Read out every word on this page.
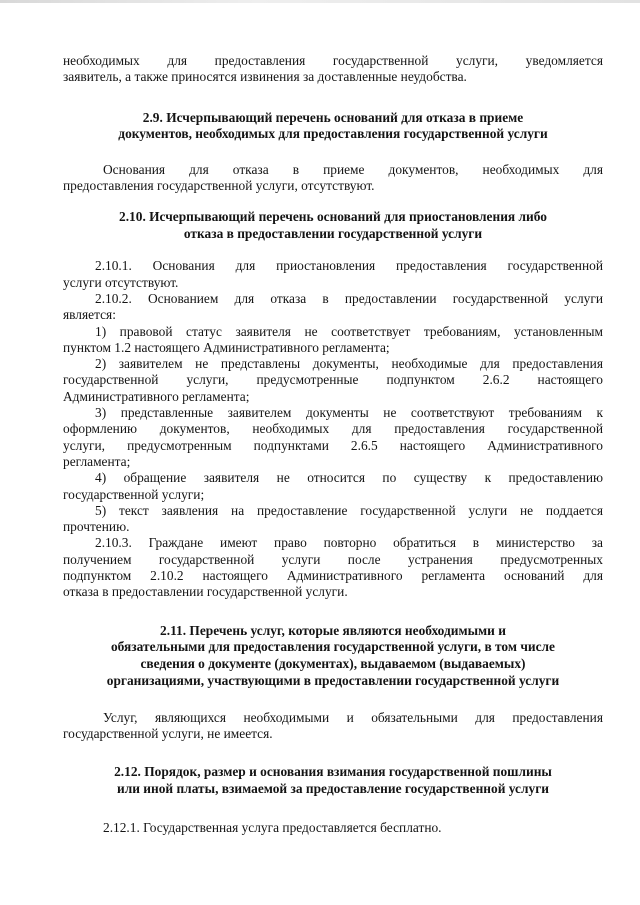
необходимых для предоставления государственной услуги, уведомляется

заявитель, а также приносятся извинения за доставленные неудобства.

2.9. Исчерпывающий перечень оснований для отказа в приеме

документов, необходимых для предоставления государственной услуги

Основания для отказа в приеме документов, необходимых для

предоставления государственной услуги, отсутствуют.

2.10. Исчерпывающий перечень оснований для приостановления либо

отказа в предоставлении государственной услуги

2.10.1. Основания для приостановления предоставления государственной

услуги отсутствуют.

2.10.2. Основанием для отказа в предоставлении государственной услуги

является:

1) правовой статус заявителя не соответствует требованиям, установленным

пунктом 1.2 настоящего Административного регламента;

2) заявителем не представлены документы, необходимые для предоставления

государственной услуги, предусмотренные подпунктом 2.6.2 настоящего

Административного регламента;

3) представленные заявителем документы не соответствуют требованиям к

оформлению документов, необходимых для предоставления государственной

услуги, предусмотренным подпунктами 2.6.5 настоящего Административного

регламента;

4) обращение заявителя не относится по существу к предоставлению

государственной услуги;

5) текст заявления на предоставление государственной услуги не поддается

прочтению.

2.10.3. Граждане имеют право повторно обратиться в министерство за

получением государственной услуги после устранения предусмотренных

подпунктом 2.10.2 настоящего Административного регламента оснований для

отказа в предоставлении государственной услуги.

2.11. Перечень услуг, которые являются необходимыми и

обязательными для предоставления государственной услуги, в том числе

сведения о документе (документах), выдаваемом (выдаваемых)

организациями, участвующими в предоставлении государственной услуги

Услуг, являющихся необходимыми и обязательными для предоставления

государственной услуги, не имеется.

2.12. Порядок, размер и основания взимания государственной пошлины

или иной платы, взимаемой за предоставление государственной услуги

2.12.1. Государственная услуга предоставляется бесплатно.
